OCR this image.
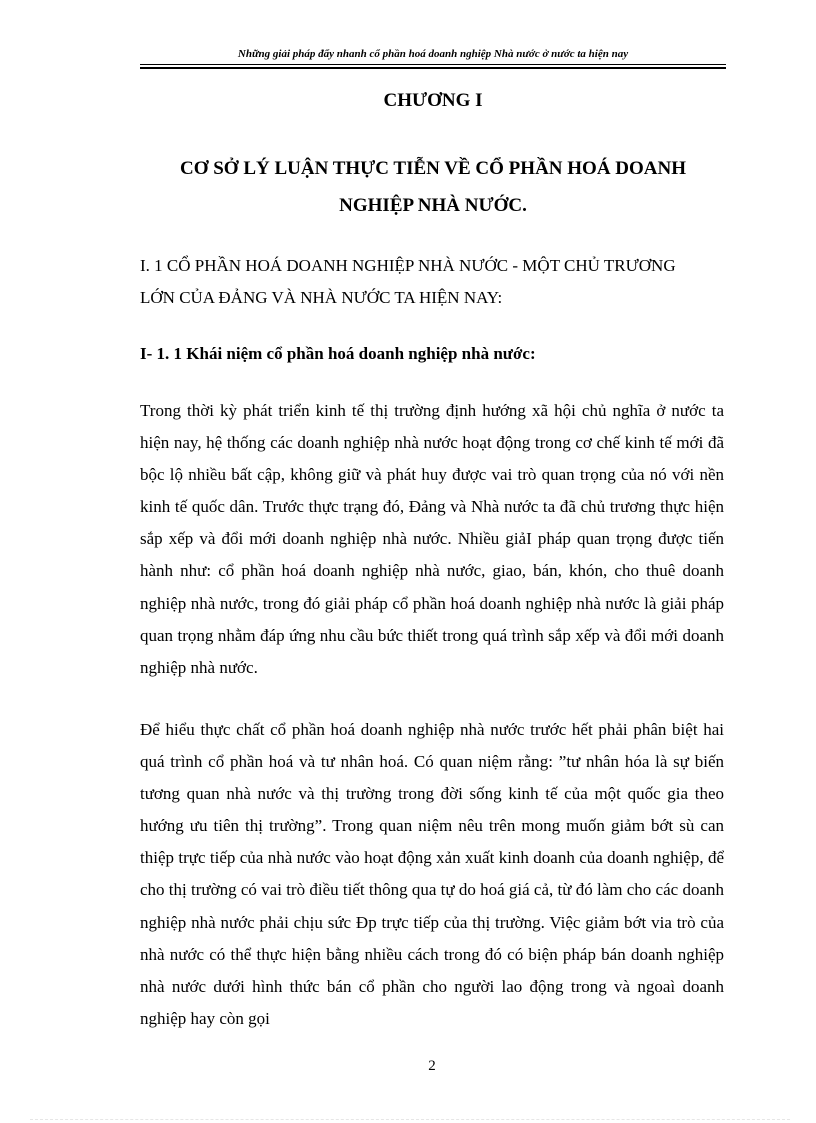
Những giải pháp đẩy nhanh cổ phần hoá doanh nghiệp Nhà nước ở nước ta hiện nay
CHƯƠNG I
CƠ SỞ LÝ LUẬN THỰC TIỄN VỀ CỔ PHẦN HOÁ DOANH
NGHIỆP NHÀ NƯỚC.
I. 1 CỔ PHẦN HOÁ DOANH NGHIỆP NHÀ NƯỚC - MỘT CHỦ TRƯƠNG
LỚN CỦA ĐẢNG VÀ NHÀ NƯỚC TA HIỆN NAY:
I- 1. 1 Khái niệm cổ phần hoá doanh nghiệp nhà nước:
Trong thời kỳ phát triển kinh tế thị trường định hướng xã hội chủ nghĩa ở nước ta hiện nay, hệ thống các doanh nghiệp nhà nước hoạt động trong cơ chế kinh tế mới đã bộc lộ nhiều bất cập, không giữ và phát huy được vai trò quan trọng của nó với nền kinh tế quốc dân. Trước thực trạng đó, Đảng và Nhà nước ta đã chủ trương thực hiện sắp xếp và đổi mới doanh nghiệp nhà nước. Nhiều giảI pháp quan trọng được tiến hành như: cổ phần hoá doanh nghiệp nhà nước, giao, bán, khón, cho thuê doanh nghiệp nhà nước, trong đó giải pháp cổ phần hoá doanh nghiệp nhà nước là giải pháp quan trọng nhằm đáp ứng nhu cầu bức thiết trong quá trình sắp xếp và đổi mới doanh nghiệp nhà nước.
Để hiểu thực chất cổ phần hoá doanh nghiệp nhà nước trước hết phải phân biệt hai quá trình cổ phần hoá và tư nhân hoá. Có quan niệm rằng: ”tư nhân hóa là sự biến tương quan nhà nước và thị trường trong đời sống kinh tế của một quốc gia theo hướng ưu tiên thị trường”. Trong quan niệm nêu trên mong muốn giảm bớt sù can thiệp trực tiếp của nhà nước vào hoạt động xản xuất kinh doanh của doanh nghiệp, để cho thị trường có vai trò điều tiết thông qua tự do hoá giá cả, từ đó làm cho các doanh nghiệp nhà nước phải chịu sức Đp trực tiếp của thị trường. Việc giảm bớt via trò của nhà nước có thể thực hiện bằng nhiều cách trong đó có biện pháp bán doanh nghiệp nhà nước dưới hình thức bán cổ phần cho người lao động trong và ngoaì doanh nghiệp hay còn gọi
2
